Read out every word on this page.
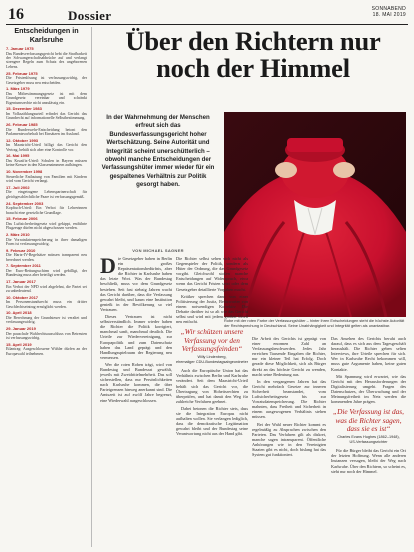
16	Dossier	SONNABEND
18. MAI 2019
Entscheidungen in Karlsruhe
7. Januar 1975
Das Bundesverfassungsgericht hebt die Strafbarkeit der Schwangerschaftsabbrüche auf und verlangt strengere Regeln zum Schutz des ungeborenen Lebens.
25. Februar 1975
Die Fristenlösung ist verfassungswidrig, der Gesetzgeber muss neu entscheiden.
1. März 1979
Das Mitbestimmungsgesetz ist mit dem Grundgesetz vereinbar und schränkt Eigentumsrechte nicht unzulässig ein.
15. Dezember 1983
Im Volkszählungsurteil erfindet das Gericht das Grundrecht auf informationelle Selbstbestimmung.
26. Februar 1985
Die Bundeswehr-Entscheidung betont den Parlamentsvorbehalt bei Einsätzen im Ausland.
12. Oktober 1993
Im Maastricht-Urteil billigt das Gericht den Vertrag, behält sich aber eine Kontrolle vor.
16. Mai 1995
Das Kruzifix-Urteil: Schulen in Bayern müssen keine Kreuze in den Klassenzimmern aufhängen.
10. November 1998
Steuerliche Entlastung von Familien mit Kindern wird vom Gericht verlangt.
17. Juli 2002
Die eingetragene Lebenspartnerschaft für gleichgeschlechtliche Paare ist verfassungsgemäß.
24. September 2003
Kopftuch-Urteil: Ein Verbot für Lehrerinnen braucht eine gesetzliche Grundlage.
15. Februar 2006
Das Luftsicherheitsgesetz wird gekippt, entführte Flugzeuge dürfen nicht abgeschossen werden.
2. März 2010
Die Vorratsdatenspeicherung in ihrer damaligen Form ist verfassungswidrig.
9. Februar 2010
Die Hartz-IV-Regelsätze müssen transparent neu berechnet werden.
7. September 2011
Der Euro-Rettungsschirm wird gebilligt, der Bundestag muss aber beteiligt werden.
17. Januar 2017
Ein Verbot der NPD wird abgelehnt, die Partei sei zu unbedeutend.
10. Oktober 2017
Im Personenstandsrecht muss ein dritter Geschlechtseintrag ermöglicht werden.
10. April 2018
Die Berechnung der Grundsteuer ist veraltet und verfassungswidrig.
29. Januar 2019
Der pauschale Wahlrechtsausschluss von Betreuten ist verfassungswidrig.
15. April 2019
Eilantrag: Ausgeschlossene Wähler dürfen an der Europawahl teilnehmen.
Über den Richtern nur noch der Himmel
In der Wahrnehmung der Menschen erfreut sich das Bundesverfassungsgericht hoher Wertschätzung. Seine Autorität und Integrität scheint unerschütterlich – obwohl manche Entscheidungen der Verfassungshüter immer wieder für ein gespaltenes Verhältnis zur Politik gesorgt haben.
VON MICHAEL SAGNER
Robe mit der roten Farbe der Verfassungshüter – hinter ihren Entscheidungen steht die höchste Autorität der Rechtsprechung in Deutschland. Seine Unabhängigkeit und Integrität gelten als unantastbar.

Die Gesetzgeber haben in Berlin ein großes Repräsentationsbedürfnis, aber die Richter in Karlsruhe haben das letzte Wort. Was der Bundestag beschließt, muss vor dem Grundgesetz bestehen. Seit fast siebzig Jahren wacht das Gericht darüber, dass die Verfassung gewahrt bleibt, und kaum eine Institution genießt in der Bevölkerung so viel Vertrauen.

Dieses Vertrauen ist nicht selbstverständlich. Immer wieder haben die Richter die Politik korrigiert, manchmal sanft, manchmal deutlich. Die Urteile zur Wiedervereinigung, zur Europapolitik und zum Datenschutz haben das Land geprägt und den Handlungsspielraum der Regierung neu vermessen.

Wer die roten Roben trägt, wird von Bundestag und Bundesrat gewählt, jeweils mit Zweidrittelmehrheit. Das soll sicherstellen, dass nur Persönlichkeiten nach Karlsruhe kommen, die über Parteigrenzen hinweg anerkannt sind. Die Amtszeit ist auf zwölf Jahre begrenzt, eine Wiederwahl ausgeschlossen.

Die Richter selbst sehen sich nicht als Gegenspieler der Politik, sondern als Hüter der Ordnung, die das Grundgesetz vorgibt. Gleichwohl stoßen manche Entscheidungen auf Widerspruch, etwa wenn das Gericht Fristen setzt oder dem Gesetzgeber detaillierte Vorgaben macht.

Kritiker sprechen dann von einer Politisierung der Justiz, Befürworter von einem notwendigen Korrektiv. Die Debatte darüber ist so alt wie das Gericht selbst und wird mit jedem großen Urteil neu entfacht.

„Wir schützen unsere Verfassung vor den Verfassungsfeinden“
Willy Lindenberg,
ehemaliger CDU-Bundestagsabgeordneter

Auch die Europäische Union hat das Verhältnis zwischen Berlin und Karlsruhe verändert. Seit dem Maastricht-Urteil behält sich das Gericht vor, die Übertragung von Hoheitsrechten zu überprüfen, und hat damit den Weg für zahlreiche Verfahren geebnet.

Dabei betonen die Richter stets, dass sie die Integration Europas nicht aufhalten wollen. Sie verlangen lediglich, dass die demokratische Legitimation gewahrt bleibt und der Bundestag seine Verantwortung nicht aus der Hand gibt.

Die Arbeit des Gerichts ist geprägt von einer enormen Zahl an Verfassungsbeschwerden. Jedes Jahr erreichen Tausende Eingaben die Richter, nur ein kleiner Teil hat Erfolg. Doch gerade diese Möglichkeit, sich als Bürger direkt an das höchste Gericht zu wenden, macht seine Bedeutung aus.

In den vergangenen Jahren hat das Gericht mehrfach Gesetze zur inneren Sicherheit beanstandet, vom Luftsicherheitsgesetz bis zur Vorratsdatenspeicherung. Die Richter mahnten, dass Freiheit und Sicherheit in einem ausgewogenen Verhältnis stehen müssen.

Bei der Wahl neuer Richter kommt es regelmäßig zu Absprachen zwischen den Parteien. Das Verfahren gilt als diskret, manche sagen intransparent. Öffentliche Anhörungen wie in den Vereinigten Staaten gibt es nicht, doch bislang hat das System gut funktioniert.

Das Ansehen des Gerichts beruht auch darauf, dass es sich aus dem Tagesgeschäft heraushält. Die Richter geben selten Interviews, ihre Urteile sprechen für sich. Wer in Karlsruhe Recht bekommen will, muss gute Argumente haben, keine guten Kontakte.

Mit Spannung wird erwartet, wie das Gericht mit den Herausforderungen der Digitalisierung umgeht. Fragen des Datenschutzes, der Überwachung und der Meinungsfreiheit im Netz werden die kommenden Jahre prägen.

„Die Verfassung ist das, was die Richter sagen, dass sie es ist“
Charles Evans Hughes (1862–1948),
US-Verfassungsrichter

Für die Bürger bleibt das Gericht ein Ort der letzten Hoffnung. Wenn alle anderen Instanzen versagen, bleibt der Weg nach Karlsruhe. Über den Richtern, so scheint es, steht nur noch der Himmel.
